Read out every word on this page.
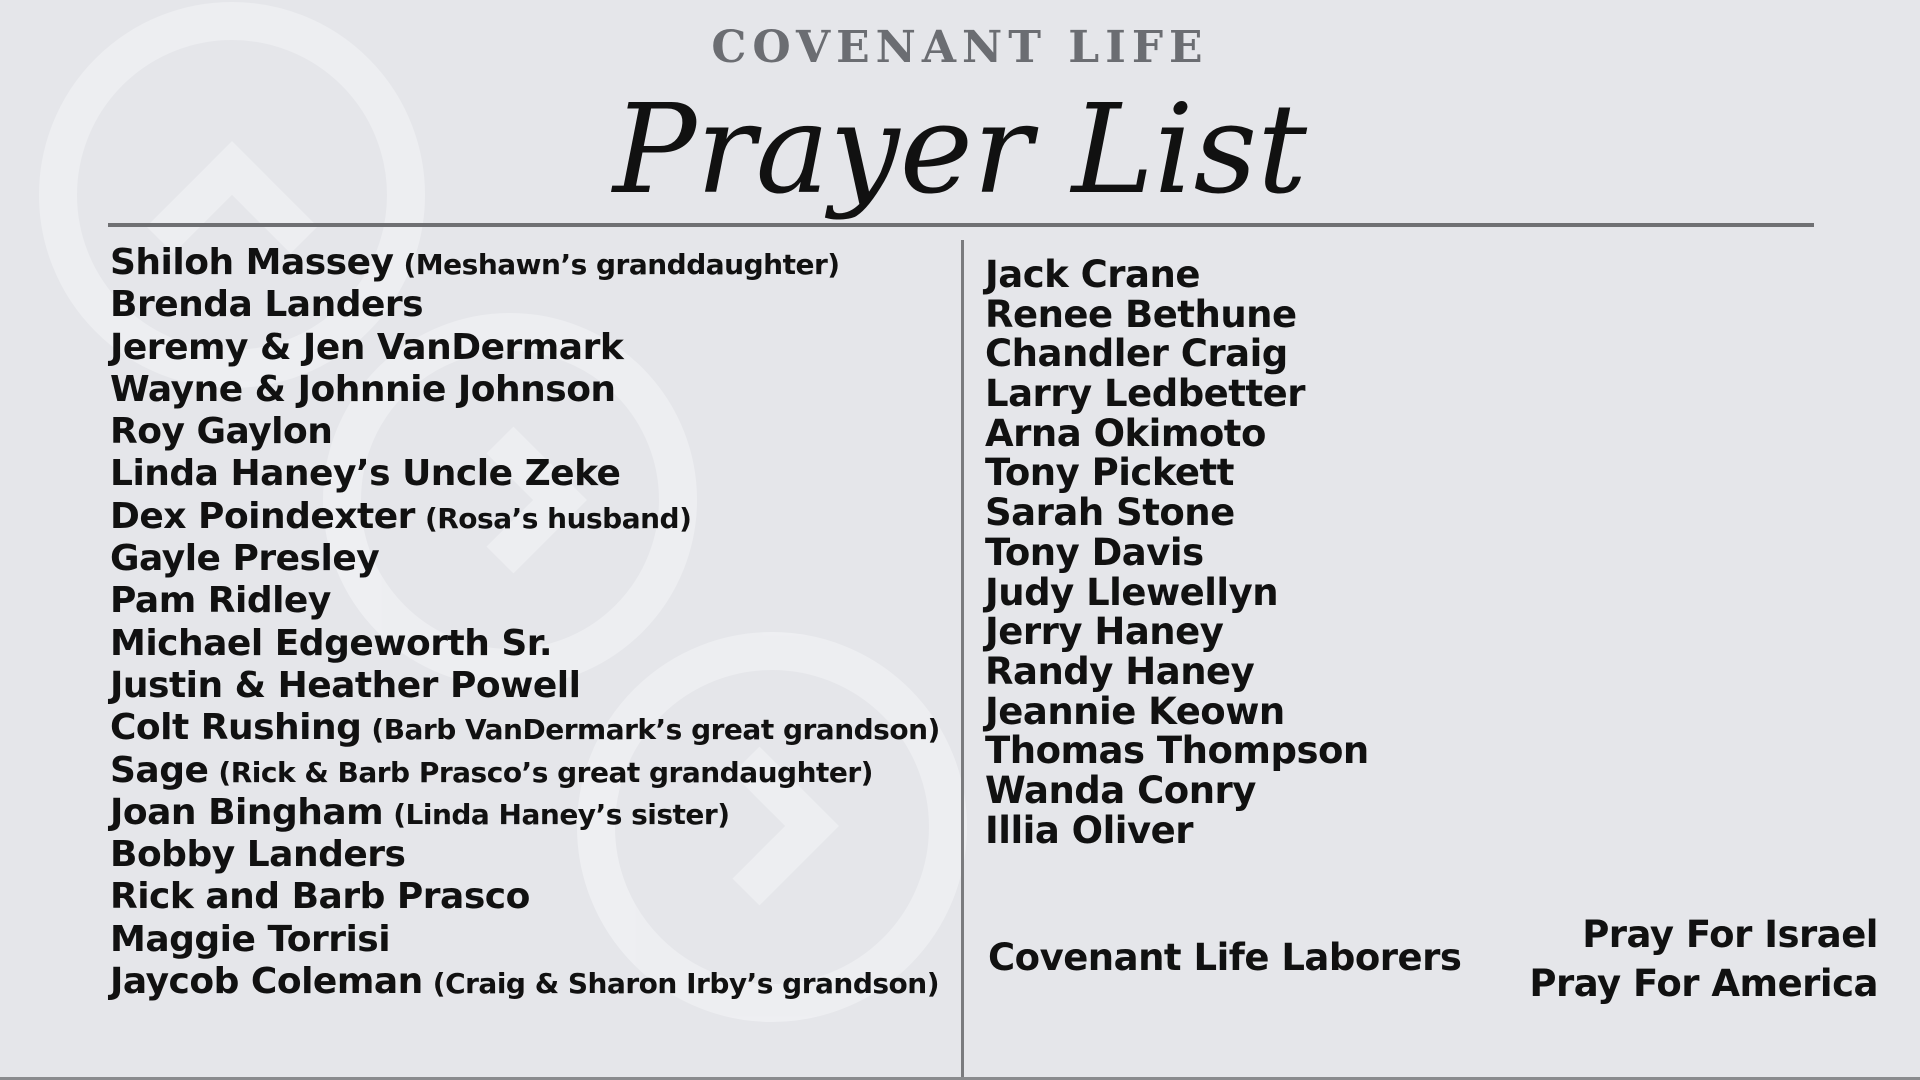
COVENANT LIFE
Prayer List
Shiloh Massey (Meshawn’s granddaughter)
Brenda Landers
Jeremy & Jen VanDermark
Wayne & Johnnie Johnson
Roy Gaylon
Linda Haney’s Uncle Zeke
Dex Poindexter (Rosa’s husband)
Gayle Presley
Pam Ridley
Michael Edgeworth Sr.
Justin & Heather Powell
Colt Rushing (Barb VanDermark’s great grandson)
Sage (Rick & Barb Prasco’s great grandaughter)
Joan Bingham (Linda Haney’s sister)
Bobby Landers
Rick and Barb Prasco
Maggie Torrisi
Jaycob Coleman (Craig & Sharon Irby’s grandson)
Jack Crane
Renee Bethune
Chandler Craig
Larry Ledbetter
Arna Okimoto
Tony Pickett
Sarah Stone
Tony Davis
Judy Llewellyn
Jerry Haney
Randy Haney
Jeannie Keown
Thomas Thompson
Wanda Conry
Illia Oliver
Covenant Life Laborers
Pray For Israel
Pray For America
